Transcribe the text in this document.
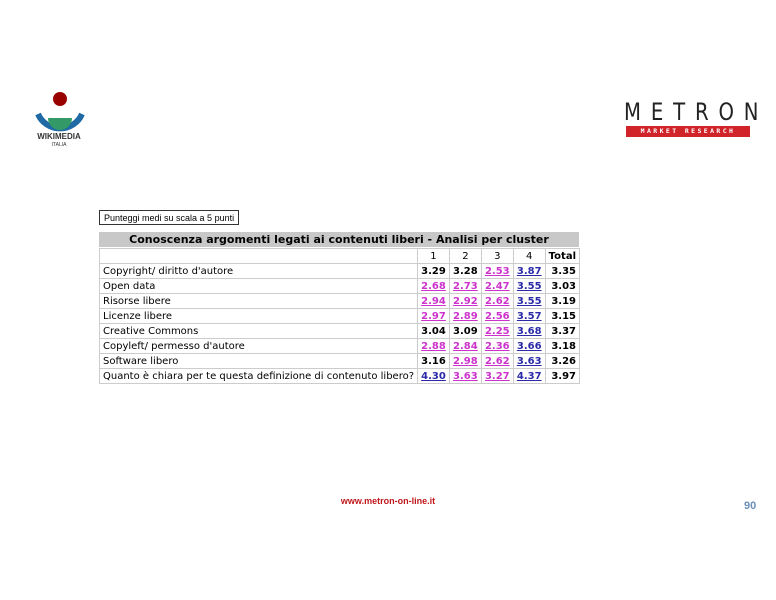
WIKIMEDIA
ITALIA
METRON
MARKET RESEARCH
Punteggi medi su scala a 5 punti
Conoscenza argomenti legati ai contenuti liberi - Analisi per cluster
	1	2	3	4	Total
Copyright/ diritto d'autore	3.29	3.28	2.53	3.87	3.35
Open data	2.68	2.73	2.47	3.55	3.03
Risorse libere	2.94	2.92	2.62	3.55	3.19
Licenze libere	2.97	2.89	2.56	3.57	3.15
Creative Commons	3.04	3.09	2.25	3.68	3.37
Copyleft/ permesso d'autore	2.88	2.84	2.36	3.66	3.18
Software libero	3.16	2.98	2.62	3.63	3.26
Quanto è chiara per te questa definizione di contenuto libero?	4.30	3.63	3.27	4.37	3.97
www.metron-on-line.it	90
